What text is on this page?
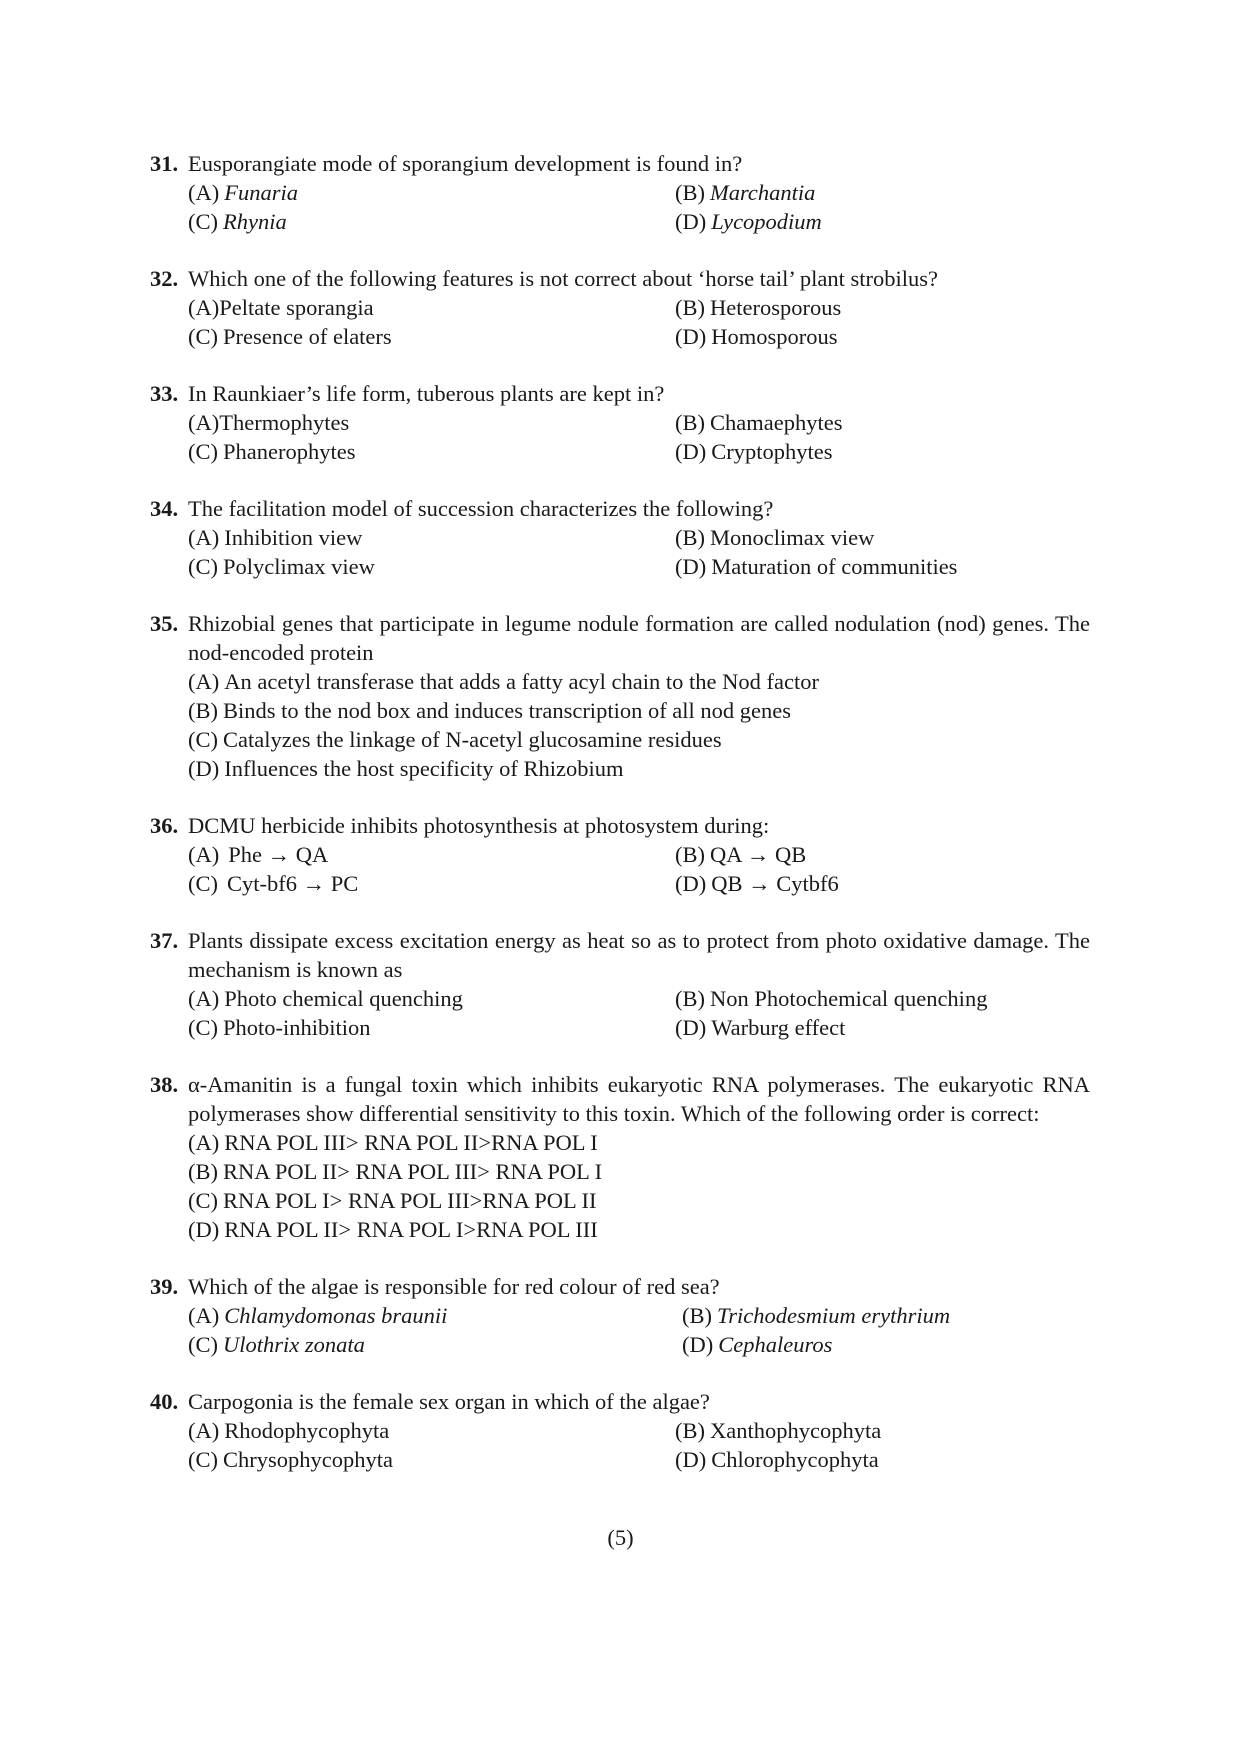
31. Eusporangiate mode of sporangium development is found in?
(A) Funaria	(B) Marchantia
(C) Rhynia	(D) Lycopodium
32. Which one of the following features is not correct about ‘horse tail’ plant strobilus?
(A)Peltate sporangia	(B) Heterosporous
(C) Presence of elaters	(D) Homosporous
33. In Raunkiaer’s life form, tuberous plants are kept in?
(A)Thermophytes	(B) Chamaephytes
(C) Phanerophytes	(D) Cryptophytes
34. The facilitation model of succession characterizes the following?
(A) Inhibition view	(B) Monoclimax view
(C) Polyclimax view	(D) Maturation of communities
35. Rhizobial genes that participate in legume nodule formation are called nodulation (nod) genes. The nod-encoded protein
(A) An acetyl transferase that adds a fatty acyl chain to the Nod factor
(B) Binds to the nod box and induces transcription of all nod genes
(C) Catalyzes the linkage of N-acetyl glucosamine residues
(D) Influences the host specificity of Rhizobium
36. DCMU herbicide inhibits photosynthesis at photosystem during:
(A) Phe → QA	(B) QA → QB
(C) Cyt-bf6 → PC	(D) QB → Cytbf6
37. Plants dissipate excess excitation energy as heat so as to protect from photo oxidative damage. The mechanism is known as
(A) Photo chemical quenching	(B) Non Photochemical quenching
(C) Photo-inhibition	(D) Warburg effect
38. α-Amanitin is a fungal toxin which inhibits eukaryotic RNA polymerases. The eukaryotic RNA polymerases show differential sensitivity to this toxin. Which of the following order is correct:
(A) RNA POL III> RNA POL II>RNA POL I
(B) RNA POL II> RNA POL III> RNA POL I
(C) RNA POL I> RNA POL III>RNA POL II
(D) RNA POL II> RNA POL I>RNA POL III
39. Which of the algae is responsible for red colour of red sea?
(A) Chlamydomonas braunii	(B) Trichodesmium erythrium
(C) Ulothrix zonata	(D) Cephaleuros
40. Carpogonia is the female sex organ in which of the algae?
(A) Rhodophycophyta	(B) Xanthophycophyta
(C) Chrysophycophyta	(D) Chlorophycophyta
(5)
